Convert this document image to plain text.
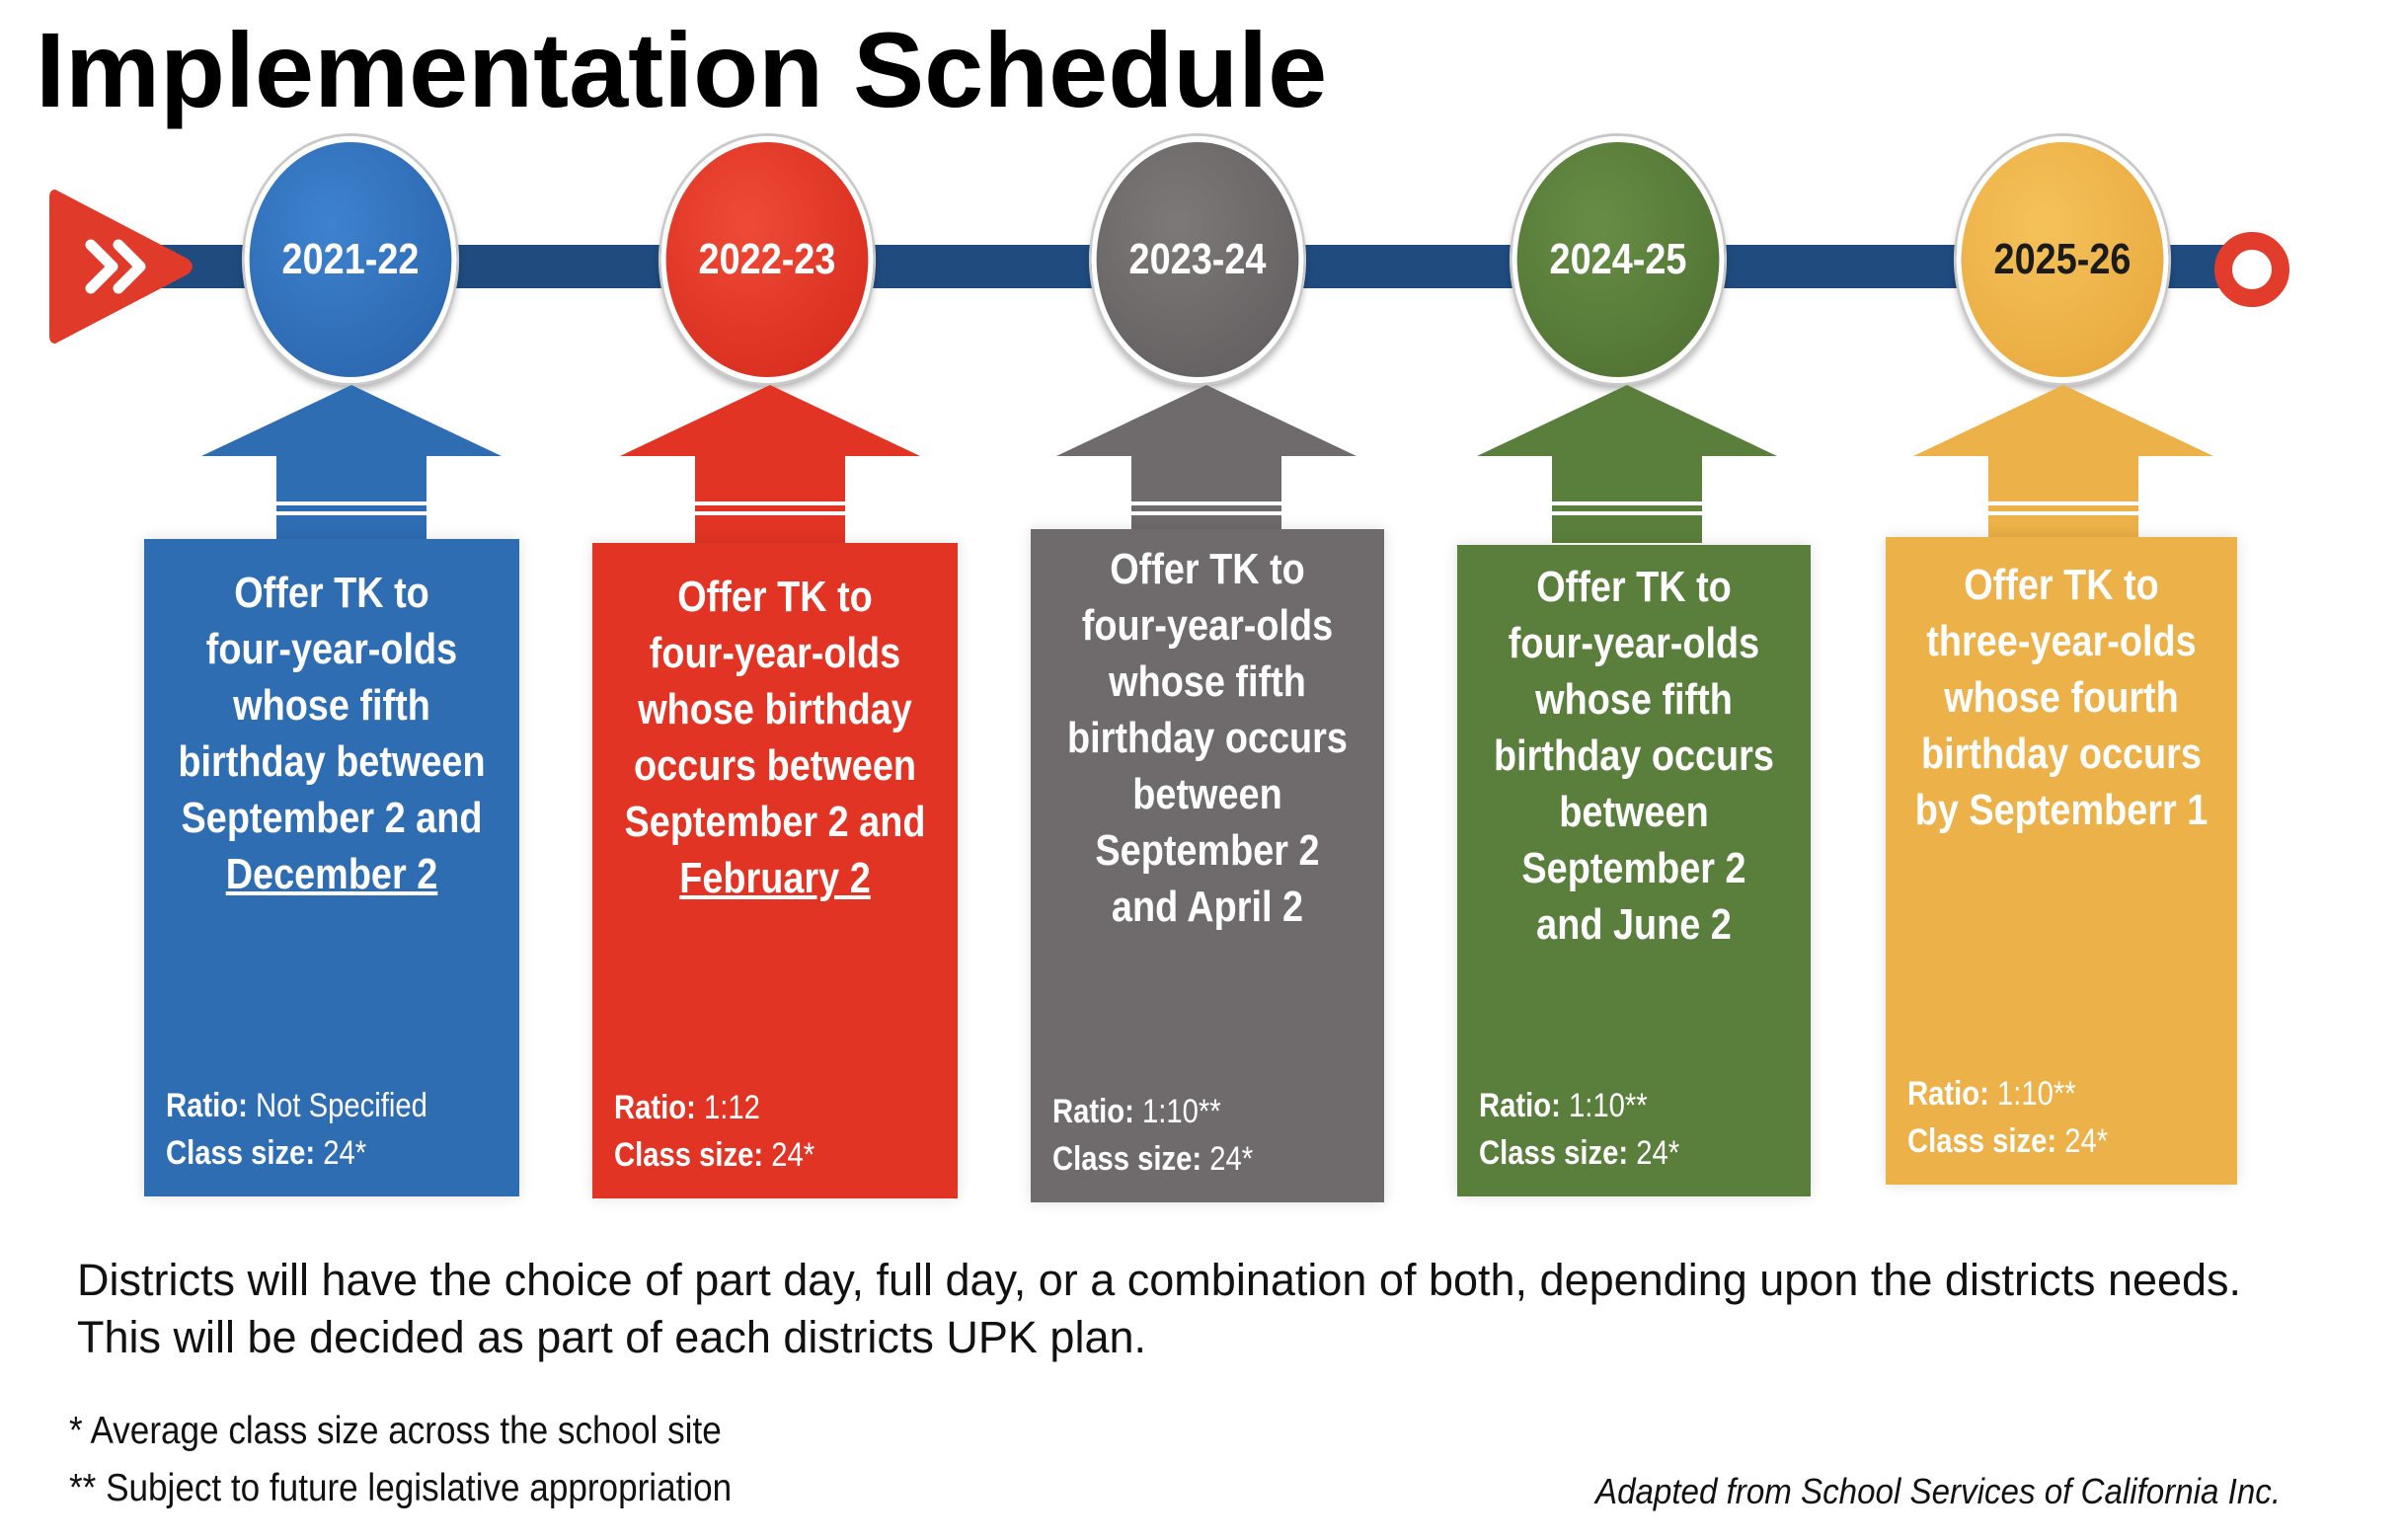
Implementation Schedule
2021-22	2022-23	2023-24	2024-25	2025-26
Offer TK to
four-year-olds
whose fifth
birthday between
September 2 and
December 2
Ratio: Not Specified
Class size: 24*
Offer TK to
four-year-olds
whose birthday
occurs between
September 2 and
February 2
Ratio: 1:12
Class size: 24*
Offer TK to
four-year-olds
whose fifth
birthday occurs
between
September 2
and April 2
Ratio: 1:10**
Class size: 24*
Offer TK to
four-year-olds
whose fifth
birthday occurs
between
September 2
and June 2
Ratio: 1:10**
Class size: 24*
Offer TK to
three-year-olds
whose fourth
birthday occurs
by Septemberr 1
Ratio: 1:10**
Class size: 24*
Districts will have the choice of part day, full day, or a combination of both, depending upon the districts needs.
This will be decided as part of each districts UPK plan.
* Average class size across the school site
** Subject to future legislative appropriation	Adapted from School Services of California Inc.
